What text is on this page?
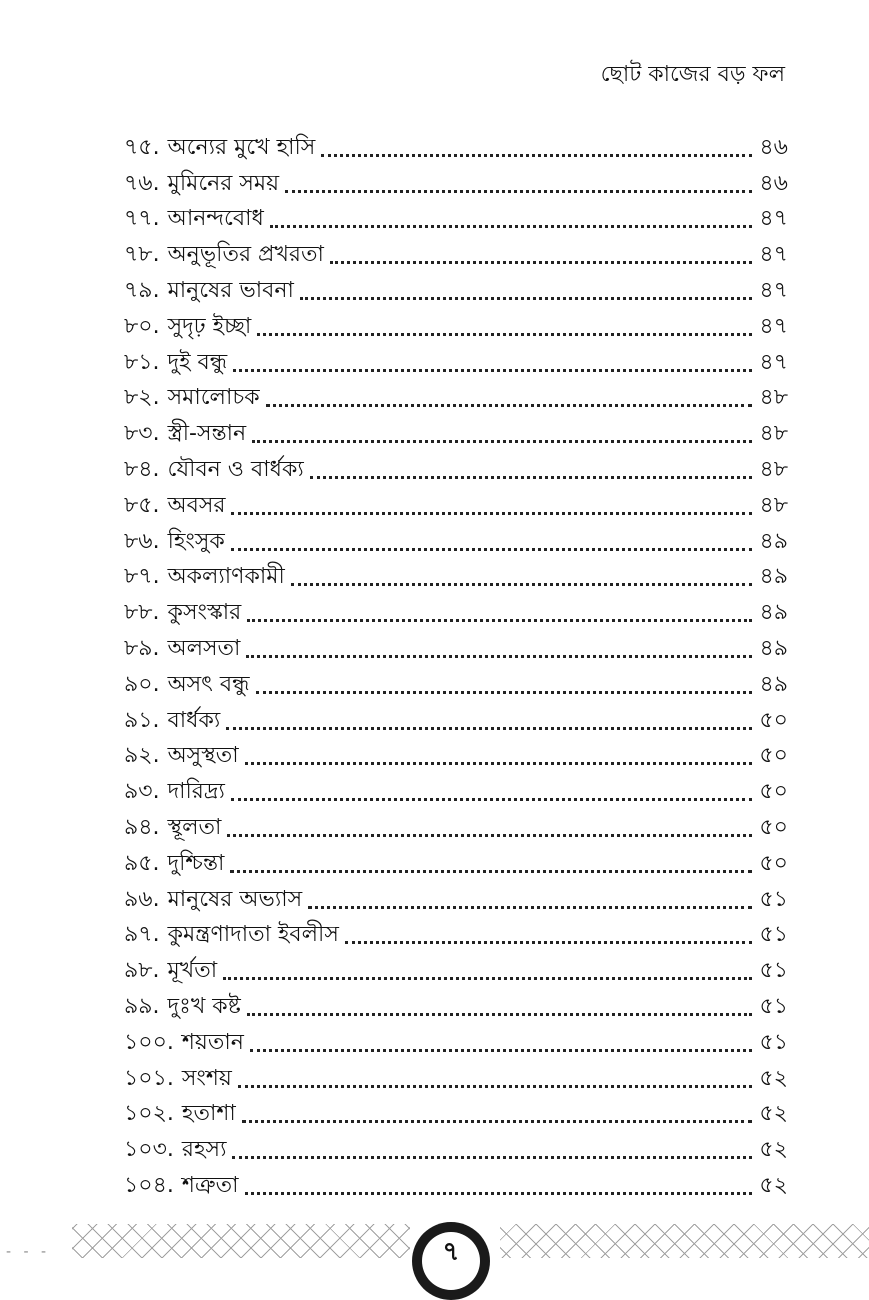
ছোট কাজের বড় ফল
৭৫. অন্যের মুখে হাসি	৪৬
৭৬. মুমিনের সময়	৪৬
৭৭. আনন্দবোধ	৪৭
৭৮. অনুভূতির প্রখরতা	৪৭
৭৯. মানুষের ভাবনা	৪৭
৮০. সুদৃঢ় ইচ্ছা	৪৭
৮১. দুই বন্ধু	৪৭
৮২. সমালোচক	৪৮
৮৩. স্ত্রী-সন্তান	৪৮
৮৪. যৌবন ও বার্ধক্য	৪৮
৮৫. অবসর	৪৮
৮৬. হিংসুক	৪৯
৮৭. অকল্যাণকামী	৪৯
৮৮. কুসংস্কার	৪৯
৮৯. অলসতা	৪৯
৯০. অসৎ বন্ধু	৪৯
৯১. বার্ধক্য	৫০
৯২. অসুস্থতা	৫০
৯৩. দারিদ্র্য	৫০
৯৪. স্থূলতা	৫০
৯৫. দুশ্চিন্তা	৫০
৯৬. মানুষের অভ্যাস	৫১
৯৭. কুমন্ত্রণাদাতা ইবলীস	৫১
৯৮. মূর্খতা	৫১
৯৯. দুঃখ কষ্ট	৫১
১০০. শয়তান	৫১
১০১. সংশয়	৫২
১০২. হতাশা	৫২
১০৩. রহস্য	৫২
১০৪. শত্রুতা	৫২
- - -	৭
